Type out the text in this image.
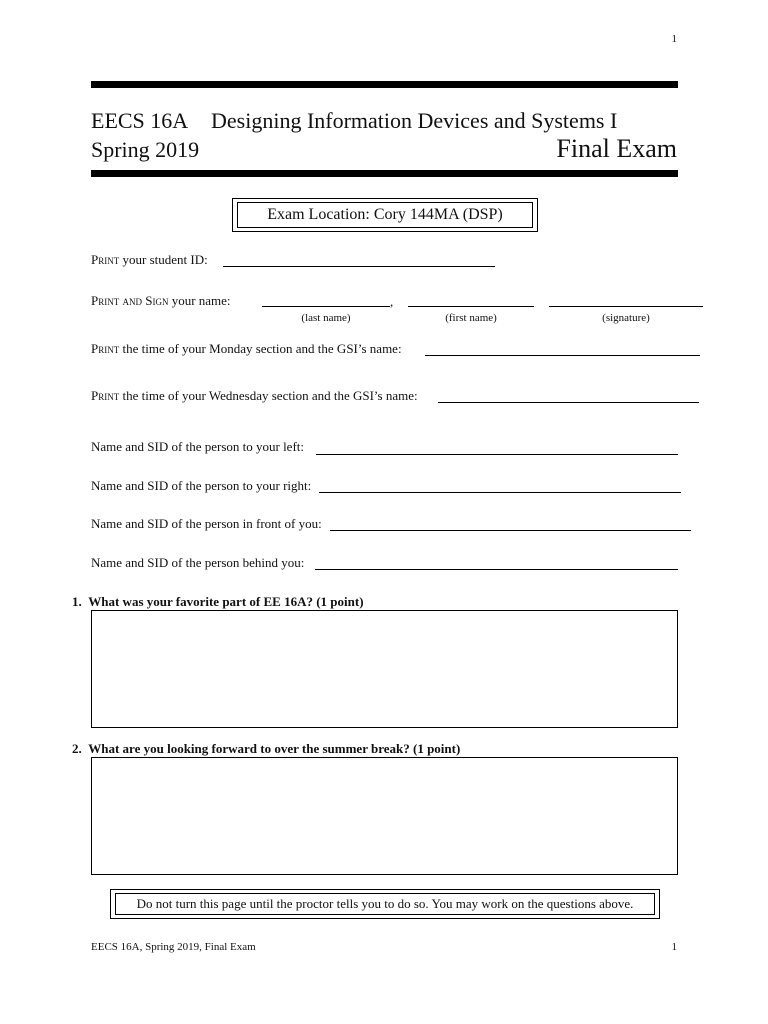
1
EECS 16A Designing Information Devices and Systems I
Spring 2019	Final Exam
Exam Location: Cory 144MA (DSP)
Print your student ID:
Print and Sign your name:	,
(last name)	(first name)	(signature)
Print the time of your Monday section and the GSI’s name:
Print the time of your Wednesday section and the GSI’s name:
Name and SID of the person to your left:
Name and SID of the person to your right:
Name and SID of the person in front of you:
Name and SID of the person behind you:
1. What was your favorite part of EE 16A? (1 point)
2. What are you looking forward to over the summer break? (1 point)
Do not turn this page until the proctor tells you to do so. You may work on the questions above.
EECS 16A, Spring 2019, Final Exam	1
